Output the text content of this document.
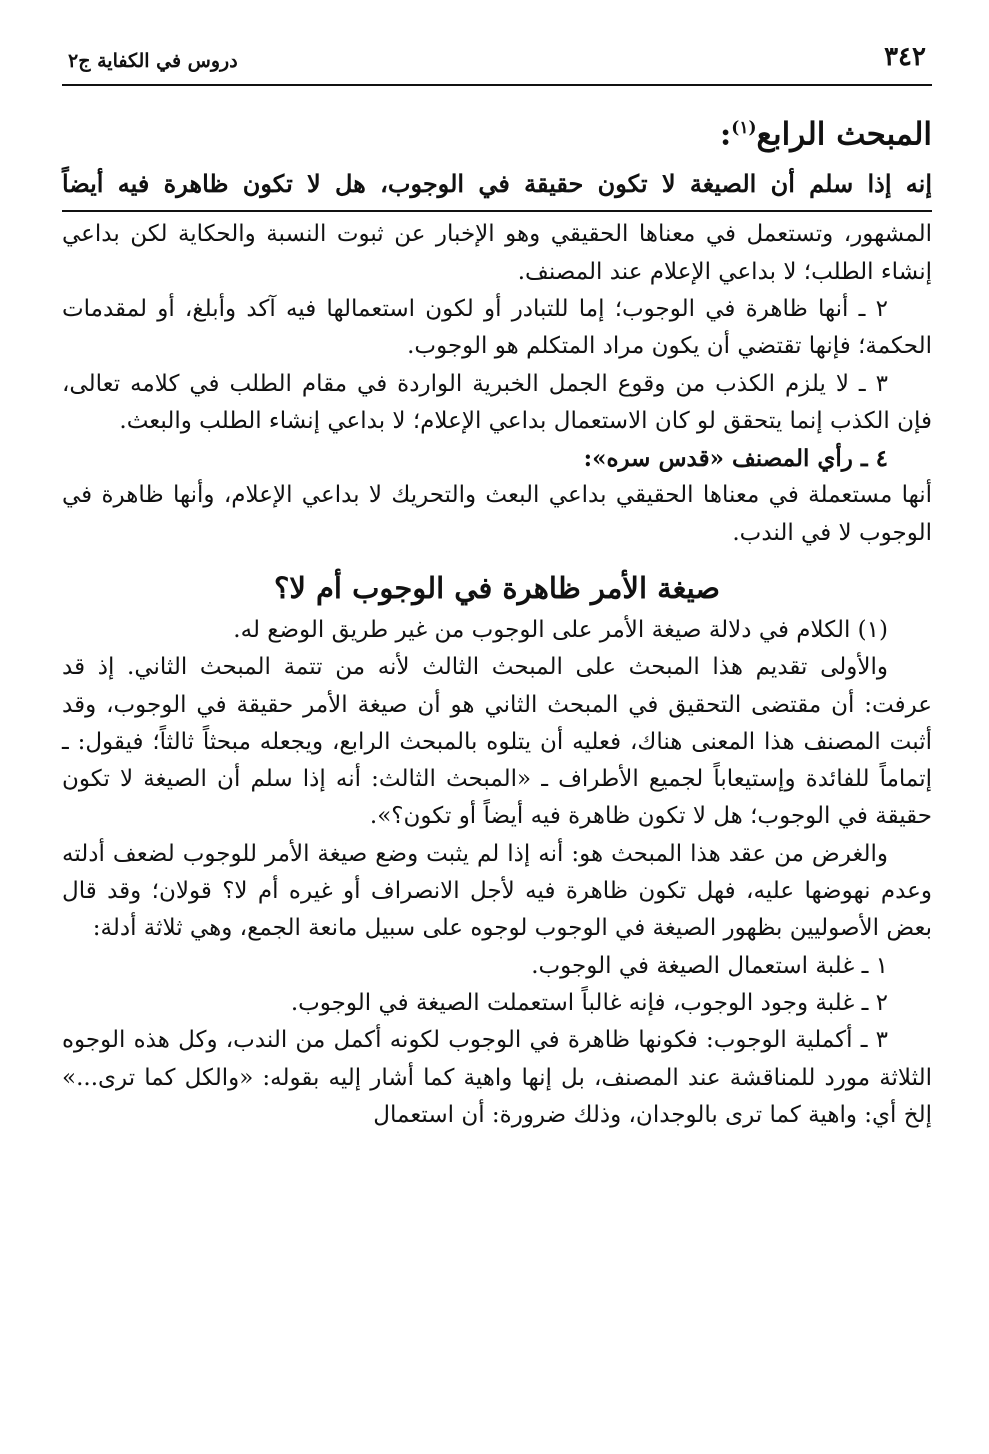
٣٤٢
دروس في الكفاية ج٢
المبحث الرابع$^{(١)}$:
إنه إذا سلم أن الصيغة لا تكون حقيقة في الوجوب، هل لا تكون ظاهرة فيه أيضاً

المشهور، وتستعمل في معناها الحقيقي وهو الإخبار عن ثبوت النسبة والحكاية لكن بداعي إنشاء الطلب؛ لا بداعي الإعلام عند المصنف.

٢ ـ أنها ظاهرة في الوجوب؛ إما للتبادر أو لكون استعمالها فيه آكد وأبلغ، أو لمقدمات الحكمة؛ فإنها تقتضي أن يكون مراد المتكلم هو الوجوب.

٣ ـ لا يلزم الكذب من وقوع الجمل الخبرية الواردة في مقام الطلب في كلامه تعالى، فإن الكذب إنما يتحقق لو كان الاستعمال بداعي الإعلام؛ لا بداعي إنشاء الطلب والبعث.

٤ ـ رأي المصنف «قدس سره»:

أنها مستعملة في معناها الحقيقي بداعي البعث والتحريك لا بداعي الإعلام، وأنها ظاهرة في الوجوب لا في الندب.

صيغة الأمر ظاهرة في الوجوب أم لا؟

(١) الكلام في دلالة صيغة الأمر على الوجوب من غير طريق الوضع له.

والأولى تقديم هذا المبحث على المبحث الثالث لأنه من تتمة المبحث الثاني. إذ قد عرفت: أن مقتضى التحقيق في المبحث الثاني هو أن صيغة الأمر حقيقة في الوجوب، وقد أثبت المصنف هذا المعنى هناك، فعليه أن يتلوه بالمبحث الرابع، ويجعله مبحثاً ثالثاً؛ فيقول: ـ إتماماً للفائدة وإستيعاباً لجميع الأطراف ـ «المبحث الثالث: أنه إذا سلم أن الصيغة لا تكون حقيقة في الوجوب؛ هل لا تكون ظاهرة فيه أيضاً أو تكون؟».

والغرض من عقد هذا المبحث هو: أنه إذا لم يثبت وضع صيغة الأمر للوجوب لضعف أدلته وعدم نهوضها عليه، فهل تكون ظاهرة فيه لأجل الانصراف أو غيره أم لا؟ قولان؛ وقد قال بعض الأصوليين بظهور الصيغة في الوجوب لوجوه على سبيل مانعة الجمع، وهي ثلاثة أدلة:

١ ـ غلبة استعمال الصيغة في الوجوب.

٢ ـ غلبة وجود الوجوب، فإنه غالباً استعملت الصيغة في الوجوب.

٣ ـ أكملية الوجوب: فكونها ظاهرة في الوجوب لكونه أكمل من الندب، وكل هذه الوجوه الثلاثة مورد للمناقشة عند المصنف، بل إنها واهية كما أشار إليه بقوله: «والكل كما ترى...» إلخ أي: واهية كما ترى بالوجدان، وذلك ضرورة: أن استعمال
